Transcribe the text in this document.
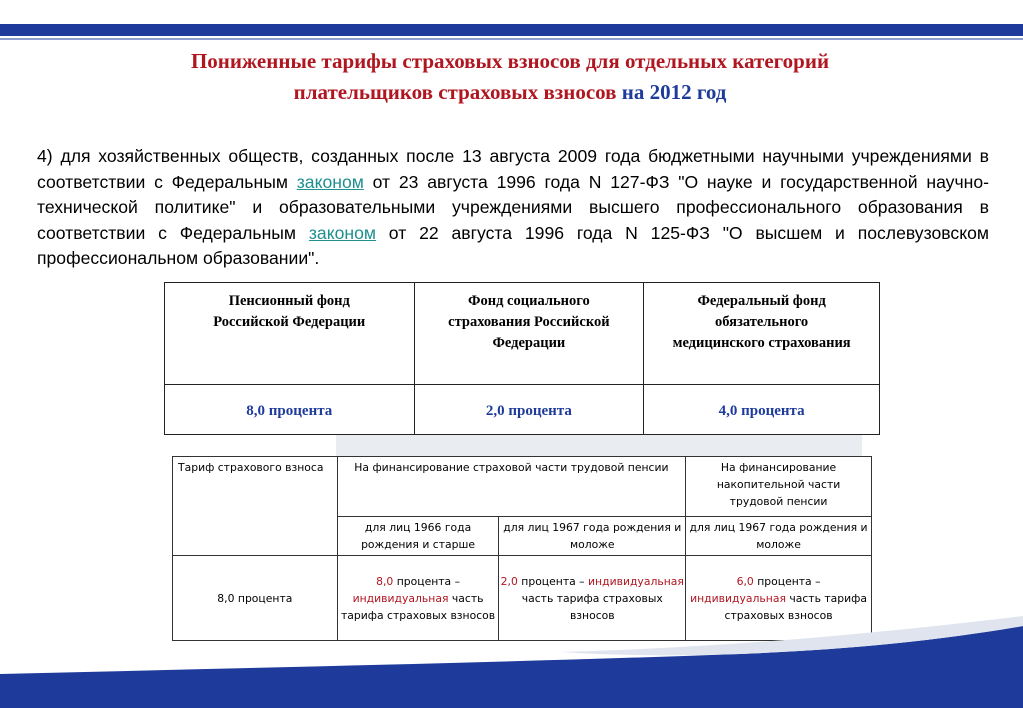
Пониженные тарифы страховых взносов для отдельных категорий
плательщиков страховых взносов на 2012 год
4) для хозяйственных обществ, созданных после 13 августа 2009 года бюджетными научными учреждениями в соответствии с Федеральным законом от 23 августа 1996 года N 127-ФЗ "О науке и государственной научно-технической политике" и образовательными учреждениями высшего профессионального образования в соответствии с Федеральным законом от 22 августа 1996 года N 125-ФЗ "О высшем и послевузовском профессиональном образовании".
Пенсионный фонд Российской Федерации	Фонд социального страхования Российской Федерации	Федеральный фонд обязательного медицинского страхования

8,0 процента	2,0 процента	4,0 процента
Тариф страхового взноса	На финансирование страховой части трудовой пенсии		На финансирование накопительной части трудовой пенсии

	для лиц 1966 года рождения и старше	для лиц 1967 года рождения и моложе	для лиц 1967 года рождения и моложе
8,0 процента	8,0 процента – индивидуальная часть тарифа страховых взносов	2,0 процента – индивидуальная часть тарифа страховых взносов	6,0 процента – индивидуальная часть тарифа страховых взносов
